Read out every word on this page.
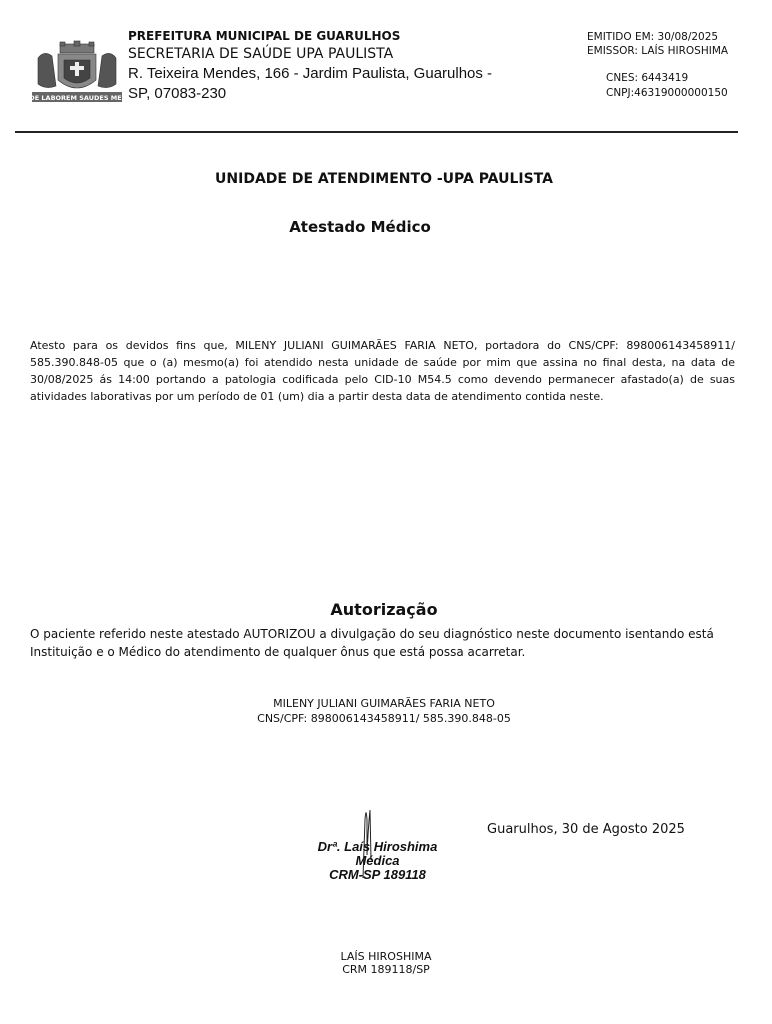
FIDE LABOREM SAUDES MENT
PREFEITURA MUNICIPAL DE GUARULHOS
SECRETARIA DE SAÚDE UPA PAULISTA
R. Teixeira Mendes, 166 - Jardim Paulista, Guarulhos - SP, 07083-230
EMITIDO EM: 30/08/2025
EMISSOR: LAÍS HIROSHIMA
CNES: 6443419
CNPJ:46319000000150
UNIDADE DE ATENDIMENTO -UPA PAULISTA
Atestado Médico
Atesto para os devidos fins que, MILENY JULIANI GUIMARÃES FARIA NETO, portadora do CNS/CPF: 898006143458911/ 585.390.848-05 que o (a) mesmo(a) foi atendido nesta unidade de saúde por mim que assina no final desta, na data de 30/08/2025 ás 14:00 portando a patologia codificada pelo CID-10 M54.5 como devendo permanecer afastado(a) de suas atividades laborativas por um período de 01 (um) dia a partir desta data de atendimento contida neste.
Autorização
O paciente referido neste atestado AUTORIZOU a divulgação do seu diagnóstico neste documento isentando está Instituição e o Médico do atendimento de qualquer ônus que está possa acarretar.
MILENY JULIANI GUIMARÃES FARIA NETO
CNS/CPF: 898006143458911/ 585.390.848-05
Guarulhos, 30 de Agosto 2025
Drª. Laís Hiroshima
Médica
CRM-SP 189118
LAÍS HIROSHIMA
CRM 189118/SP
